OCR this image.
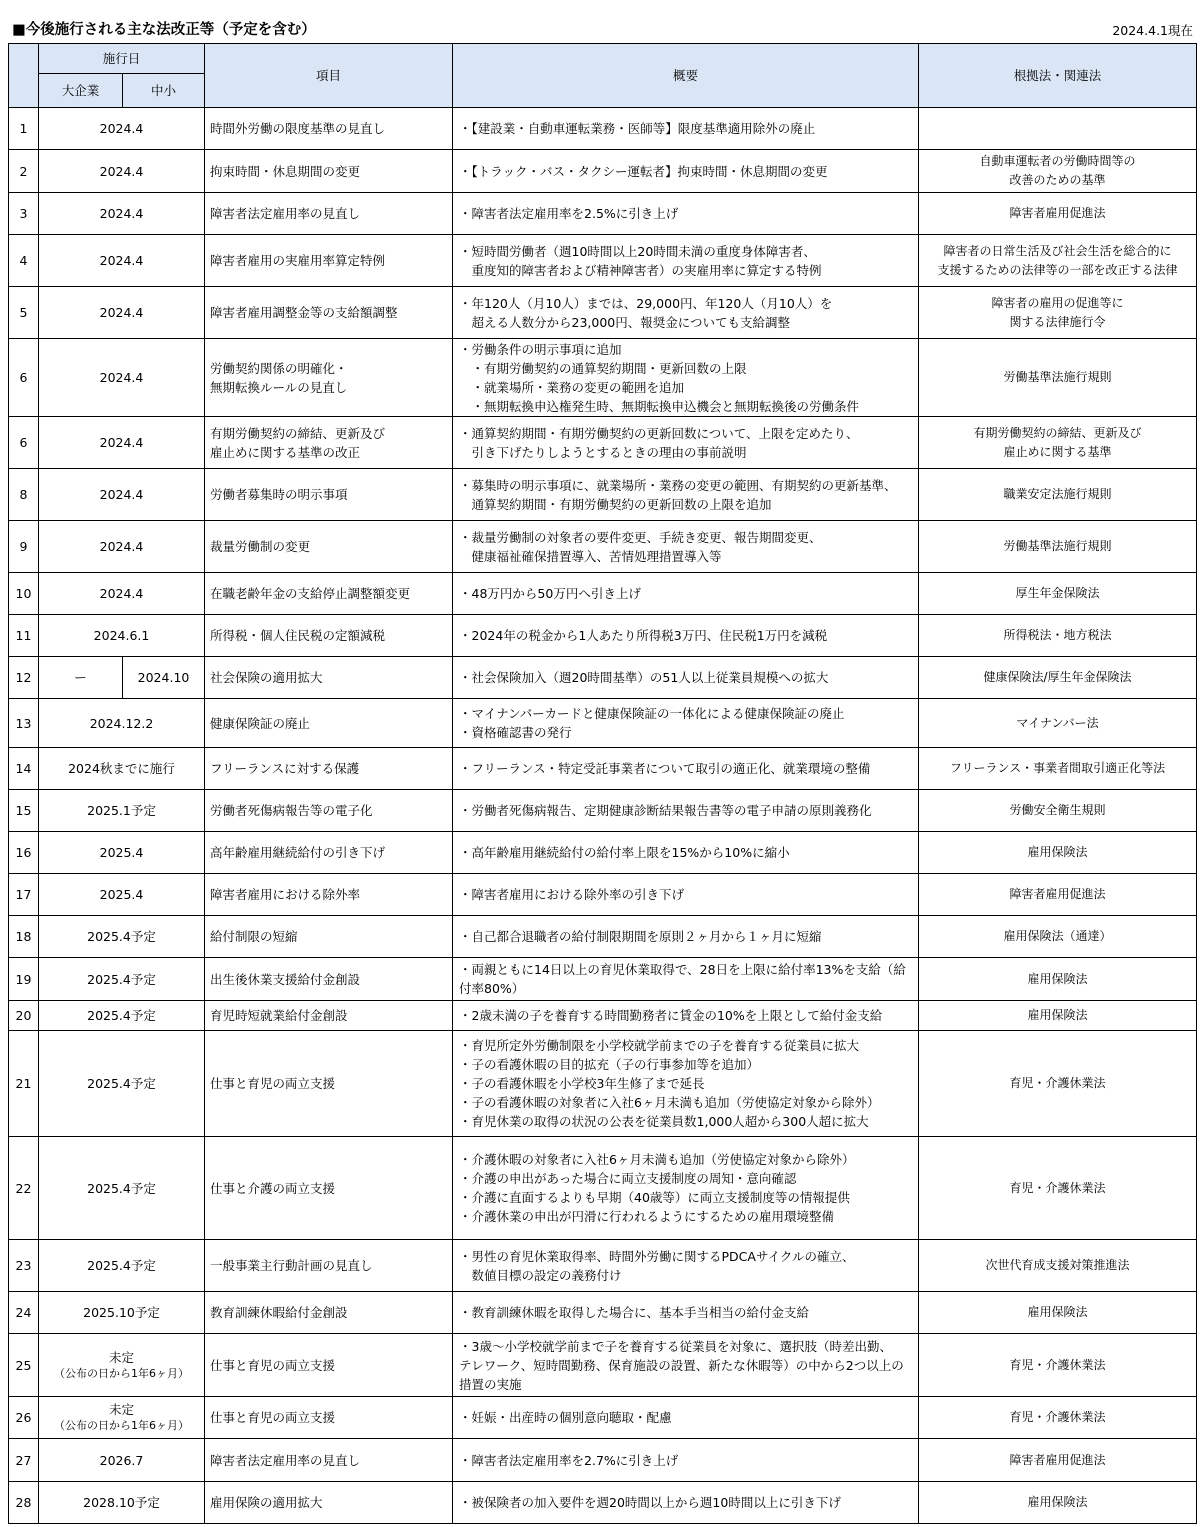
■今後施行される主な法改正等（予定を含む）	2024.4.1現在
	施行日		項目	概要	根拠法・関連法
	大企業	中小			
1	2024.4		時間外労働の限度基準の見直し	・【建設業・自動車運転業務・医師等】限度基準適用除外の廃止	
2	2024.4		拘束時間・休息期間の変更	・【トラック・バス・タクシー運転者】拘束時間・休息期間の変更	自動車運転者の労働時間等の
改善のための基準
3	2024.4		障害者法定雇用率の見直し	・障害者法定雇用率を2.5%に引き上げ	障害者雇用促進法
4	2024.4		障害者雇用の実雇用率算定特例	・短時間労働者（週10時間以上20時間未満の重度身体障害者、
　重度知的障害者および精神障害者）の実雇用率に算定する特例	障害者の日常生活及び社会生活を総合的に
支援するための法律等の一部を改正する法律
5	2024.4		障害者雇用調整金等の支給額調整	・年120人（月10人）までは、29,000円、年120人（月10人）を
　超える人数分から23,000円、報奨金についても支給調整	障害者の雇用の促進等に
関する法律施行令
6	2024.4		労働契約関係の明確化・
無期転換ルールの見直し	・労働条件の明示事項に追加
　・有期労働契約の通算契約期間・更新回数の上限
　・就業場所・業務の変更の範囲を追加
　・無期転換申込権発生時、無期転換申込機会と無期転換後の労働条件	労働基準法施行規則
6	2024.4		有期労働契約の締結、更新及び
雇止めに関する基準の改正	・通算契約期間・有期労働契約の更新回数について、上限を定めたり、
　引き下げたりしようとするときの理由の事前説明	有期労働契約の締結、更新及び
雇止めに関する基準
8	2024.4		労働者募集時の明示事項	・募集時の明示事項に、就業場所・業務の変更の範囲、有期契約の更新基準、
　通算契約期間・有期労働契約の更新回数の上限を追加	職業安定法施行規則
9	2024.4		裁量労働制の変更	・裁量労働制の対象者の要件変更、手続き変更、報告期間変更、
　健康福祉確保措置導入、苦情処理措置導入等	労働基準法施行規則
10	2024.4		在職老齢年金の支給停止調整額変更	・48万円から50万円へ引き上げ	厚生年金保険法
11	2024.6.1		所得税・個人住民税の定額減税	・2024年の税金から1人あたり所得税3万円、住民税1万円を減税	所得税法・地方税法
12	ー	2024.10	社会保険の適用拡大	・社会保険加入（週20時間基準）の51人以上従業員規模への拡大	健康保険法/厚生年金保険法
13	2024.12.2		健康保険証の廃止	・マイナンバーカードと健康保険証の一体化による健康保険証の廃止
・資格確認書の発行	マイナンバー法
14	2024秋までに施行		フリーランスに対する保護	・フリーランス・特定受託事業者について取引の適正化、就業環境の整備	フリーランス・事業者間取引適正化等法
15	2025.1予定		労働者死傷病報告等の電子化	・労働者死傷病報告、定期健康診断結果報告書等の電子申請の原則義務化	労働安全衛生規則
16	2025.4		高年齢雇用継続給付の引き下げ	・高年齢雇用継続給付の給付率上限を15%から10%に縮小	雇用保険法
17	2025.4		障害者雇用における除外率	・障害者雇用における除外率の引き下げ	障害者雇用促進法
18	2025.4予定		給付制限の短縮	・自己都合退職者の給付制限期間を原則２ヶ月から１ヶ月に短縮	雇用保険法（通達）
19	2025.4予定		出生後休業支援給付金創設	・両親ともに14日以上の育児休業取得で、28日を上限に給付率13%を支給（給
付率80%）	雇用保険法
20	2025.4予定		育児時短就業給付金創設	・2歳未満の子を養育する時間勤務者に賃金の10%を上限として給付金支給	雇用保険法
21	2025.4予定		仕事と育児の両立支援	・育児所定外労働制限を小学校就学前までの子を養育する従業員に拡大
・子の看護休暇の目的拡充（子の行事参加等を追加）
・子の看護休暇を小学校3年生修了まで延長
・子の看護休暇の対象者に入社6ヶ月未満も追加（労使協定対象から除外）
・育児休業の取得の状況の公表を従業員数1,000人超から300人超に拡大	育児・介護休業法
22	2025.4予定		仕事と介護の両立支援	・介護休暇の対象者に入社6ヶ月未満も追加（労使協定対象から除外）
・介護の申出があった場合に両立支援制度の周知・意向確認
・介護に直面するよりも早期（40歳等）に両立支援制度等の情報提供
・介護休業の申出が円滑に行われるようにするための雇用環境整備	育児・介護休業法
23	2025.4予定		一般事業主行動計画の見直し	・男性の育児休業取得率、時間外労働に関するPDCAサイクルの確立、
　数値目標の設定の義務付け	次世代育成支援対策推進法
24	2025.10予定		教育訓練休暇給付金創設	・教育訓練休暇を取得した場合に、基本手当相当の給付金支給	雇用保険法
25	未定
（公布の日から1年6ヶ月）		仕事と育児の両立支援	・3歳～小学校就学前まで子を養育する従業員を対象に、選択肢（時差出勤、
テレワーク、短時間勤務、保育施設の設置、新たな休暇等）の中から2つ以上の
措置の実施	育児・介護休業法
26	未定
（公布の日から1年6ヶ月）		仕事と育児の両立支援	・妊娠・出産時の個別意向聴取・配慮	育児・介護休業法
27	2026.7		障害者法定雇用率の見直し	・障害者法定雇用率を2.7%に引き上げ	障害者雇用促進法
28	2028.10予定		雇用保険の適用拡大	・被保険者の加入要件を週20時間以上から週10時間以上に引き下げ	雇用保険法
